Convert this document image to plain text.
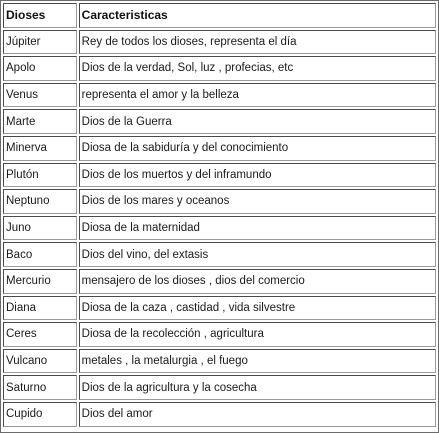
Dioses	Caracteristicas
Júpiter	Rey de todos los dioses, representa el día
Apolo	Dios de la verdad, Sol, luz , profecias, etc
Venus	representa el amor y la belleza
Marte	Dios de la Guerra
Minerva	Diosa de la sabiduría y del conocimiento
Plutón	Dios de los muertos y del inframundo
Neptuno	Dios de los mares y oceanos
Juno	Diosa de la maternidad
Baco	Dios del vino, del extasis
Mercurio	mensajero de los dioses , dios del comercio
Diana	Diosa de la caza , castidad , vida silvestre
Ceres	Diosa de la recolección , agricultura
Vulcano	metales , la metalurgia , el fuego
Saturno	Dios de la agricultura y la cosecha
Cupido	Dios del amor
